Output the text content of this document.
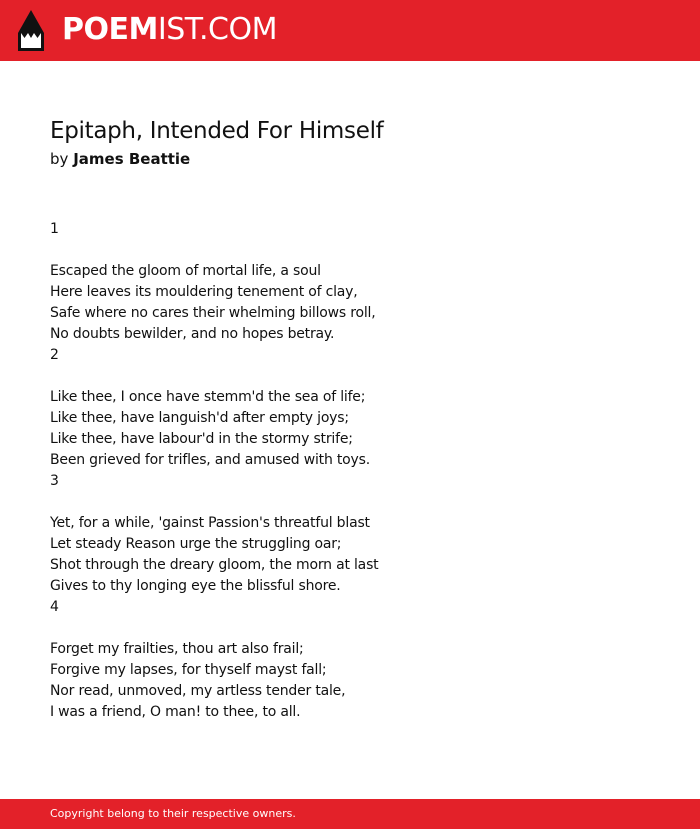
POEMIST.COM
Epitaph, Intended For Himself
by James Beattie
1
Escaped the gloom of mortal life, a soul
Here leaves its mouldering tenement of clay,
Safe where no cares their whelming billows roll,
No doubts bewilder, and no hopes betray.
2
Like thee, I once have stemm'd the sea of life;
Like thee, have languish'd after empty joys;
Like thee, have labour'd in the stormy strife;
Been grieved for trifles, and amused with toys.
3
Yet, for a while, 'gainst Passion's threatful blast
Let steady Reason urge the struggling oar;
Shot through the dreary gloom, the morn at last
Gives to thy longing eye the blissful shore.
4
Forget my frailties, thou art also frail;
Forgive my lapses, for thyself mayst fall;
Nor read, unmoved, my artless tender tale,
I was a friend, O man! to thee, to all.
Copyright belong to their respective owners.
